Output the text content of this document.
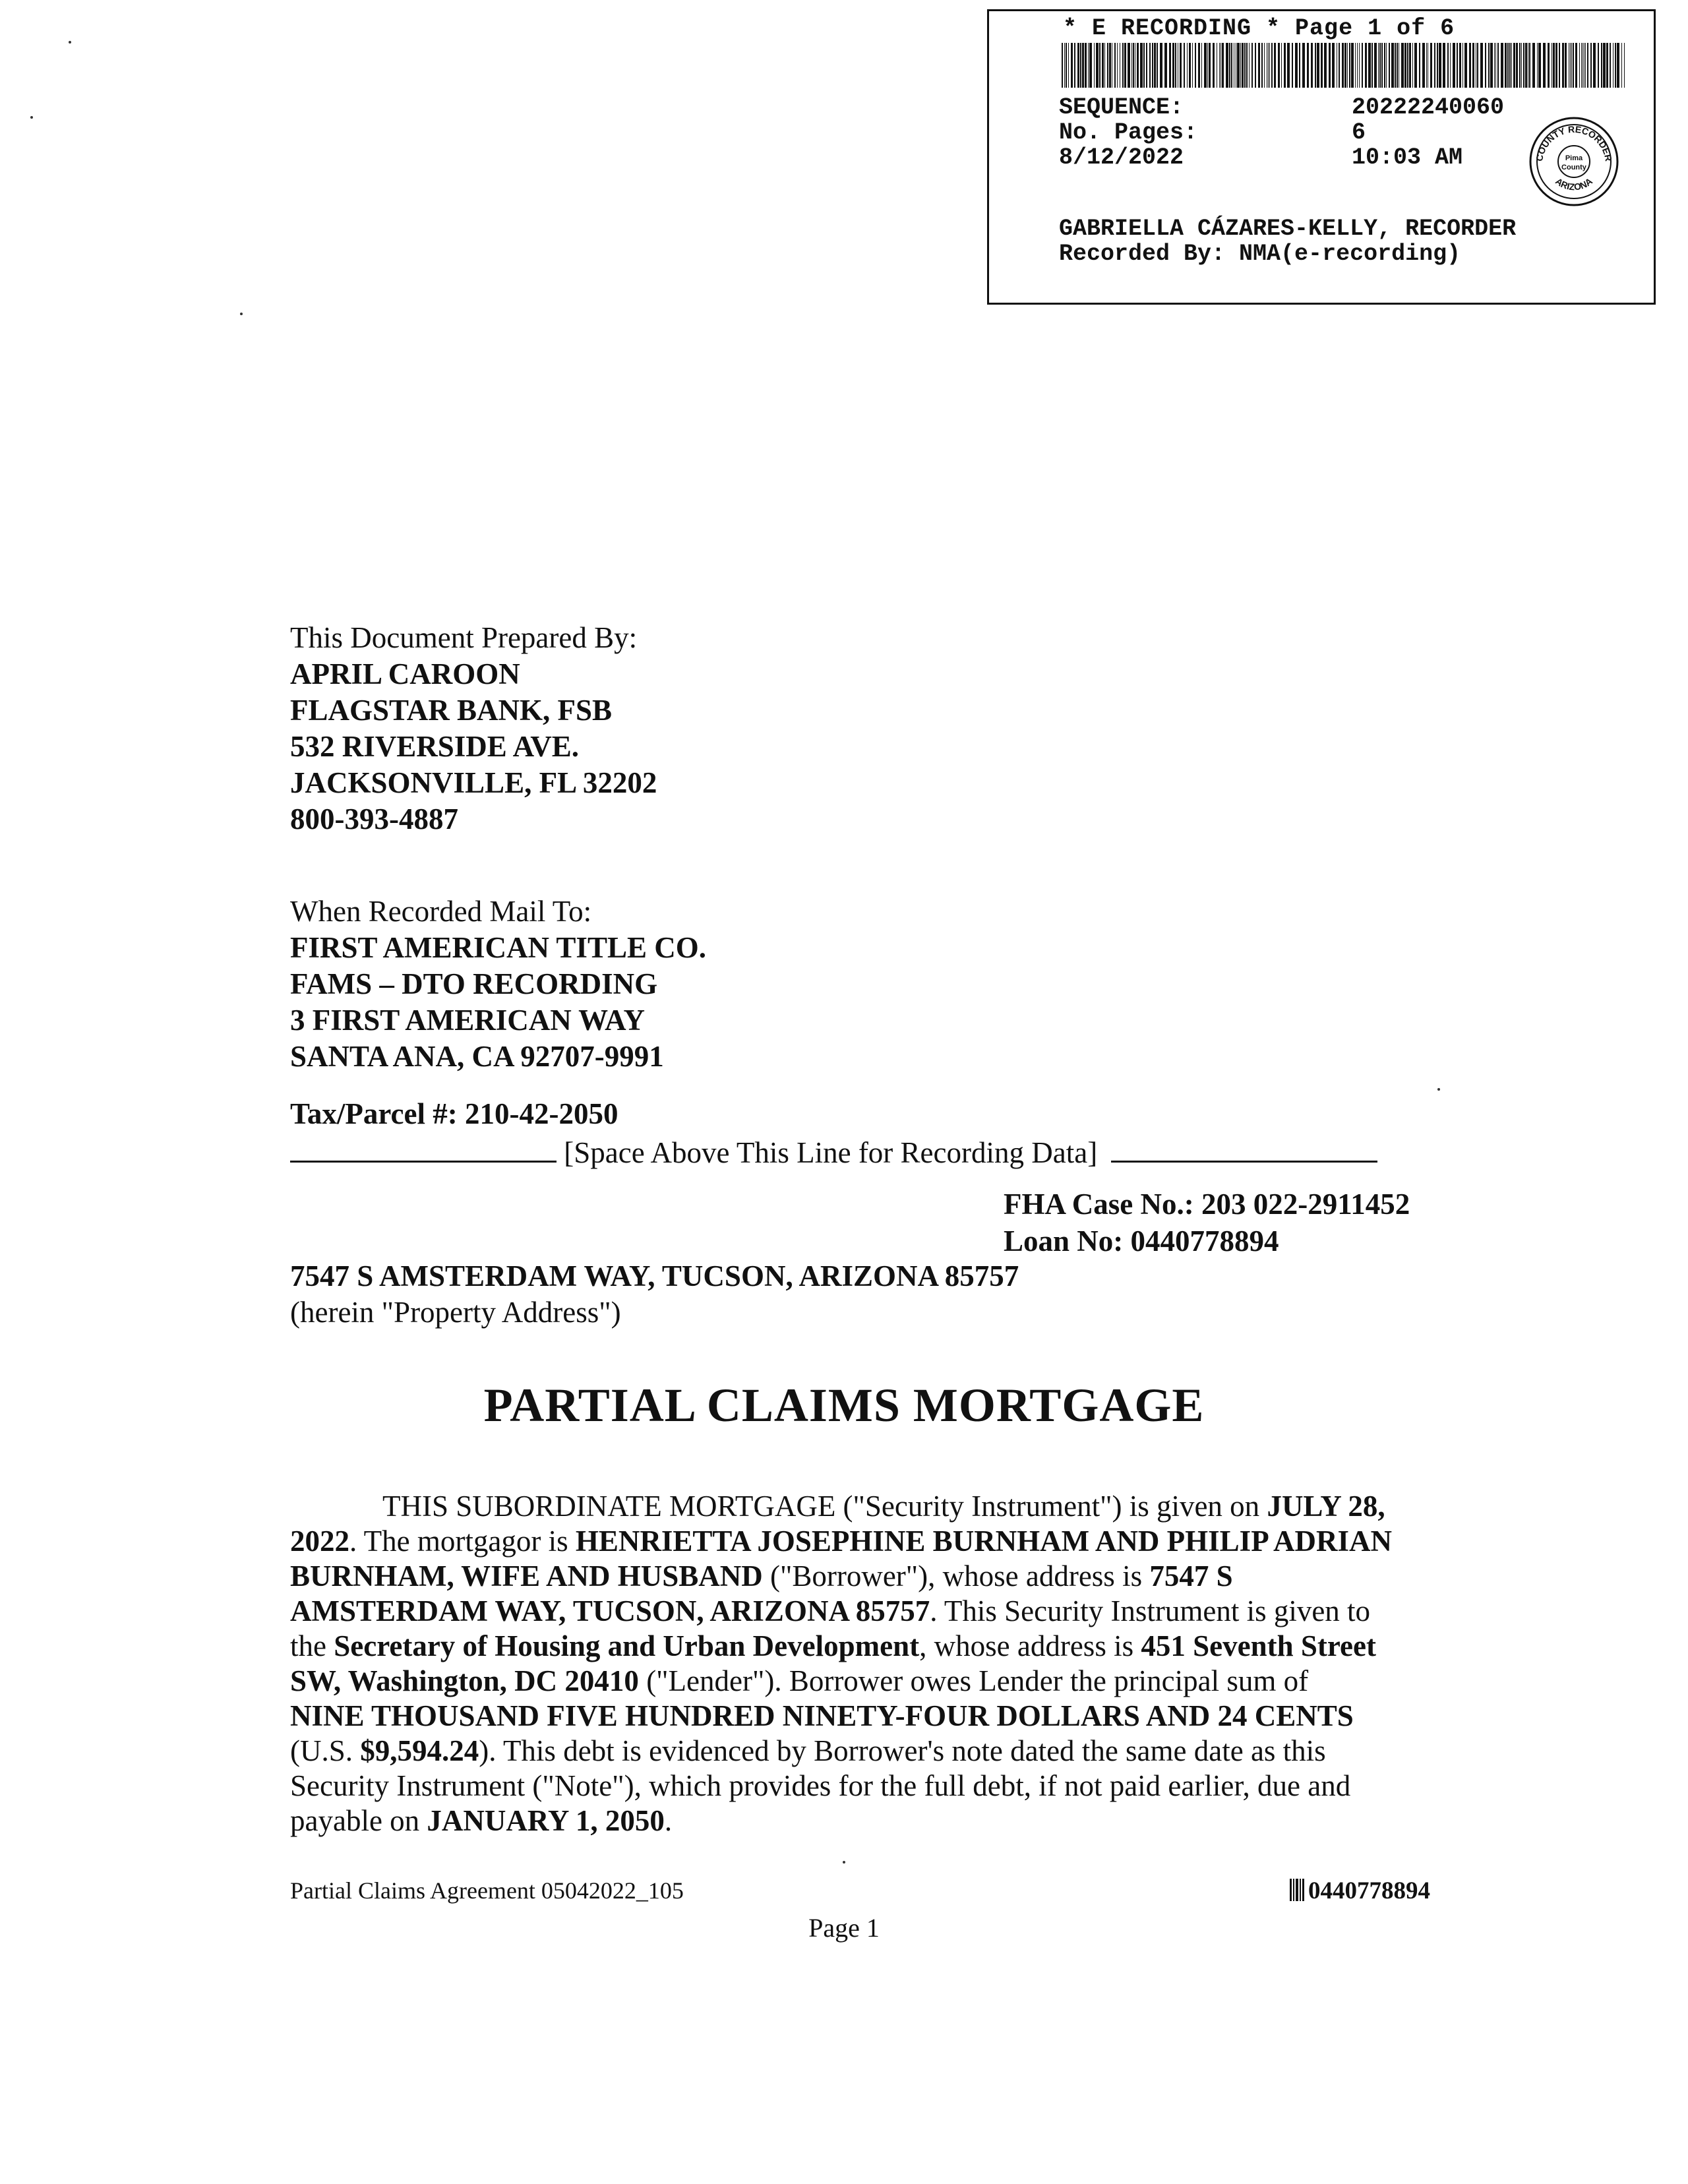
* E RECORDING * Page 1 of 6
SEQUENCE:	20222240060
No. Pages:	6
8/12/2022	10:03 AM	COUNTY RECORDER
ARIZONA
Pima
County
GABRIELLA CÁZARES-KELLY, RECORDER
Recorded By: NMA(e-recording)
This Document Prepared By:
APRIL CAROON
FLAGSTAR BANK, FSB
532 RIVERSIDE AVE.
JACKSONVILLE, FL 32202
800-393-4887
When Recorded Mail To:
FIRST AMERICAN TITLE CO.
FAMS – DTO RECORDING
3 FIRST AMERICAN WAY
SANTA ANA, CA 92707-9991
Tax/Parcel #: 210-42-2050
[Space Above This Line for Recording Data]
FHA Case No.: 203 022-2911452
Loan No: 0440778894
7547 S AMSTERDAM WAY, TUCSON, ARIZONA 85757
(herein "Property Address")
PARTIAL CLAIMS MORTGAGE
THIS SUBORDINATE MORTGAGE ("Security Instrument") is given on JULY 28,
2022. The mortgagor is HENRIETTA JOSEPHINE BURNHAM AND PHILIP ADRIAN
BURNHAM, WIFE AND HUSBAND ("Borrower"), whose address is 7547 S
AMSTERDAM WAY, TUCSON, ARIZONA 85757. This Security Instrument is given to
the Secretary of Housing and Urban Development, whose address is 451 Seventh Street
SW, Washington, DC 20410 ("Lender"). Borrower owes Lender the principal sum of
NINE THOUSAND FIVE HUNDRED NINETY-FOUR DOLLARS AND 24 CENTS
(U.S. $9,594.24). This debt is evidenced by Borrower's note dated the same date as this
Security Instrument ("Note"), which provides for the full debt, if not paid earlier, due and
payable on JANUARY 1, 2050.
Partial Claims Agreement 05042022_105	0440778894
Page 1
